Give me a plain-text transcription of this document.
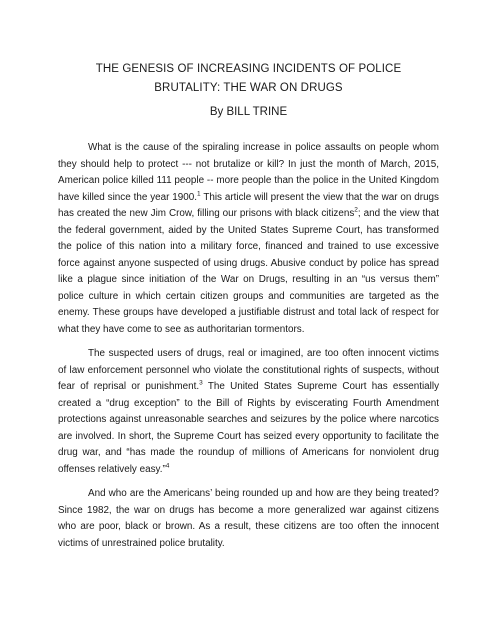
THE GENESIS OF INCREASING INCIDENTS OF POLICE BRUTALITY: THE WAR ON DRUGS
By BILL TRINE

What is the cause of the spiraling increase in police assaults on people whom they should help to protect --- not brutalize or kill? In just the month of March, 2015, American police killed 111 people -- more people than the police in the United Kingdom have killed since the year 1900.$^1$ This article will present the view that the war on drugs has created the new Jim Crow, filling our prisons with black citizens$^2$; and the view that the federal government, aided by the United States Supreme Court, has transformed the police of this nation into a military force, financed and trained to use excessive force against anyone suspected of using drugs. Abusive conduct by police has spread like a plague since initiation of the War on Drugs, resulting in an “us versus them” police culture in which certain citizen groups and communities are targeted as the enemy. These groups have developed a justifiable distrust and total lack of respect for what they have come to see as authoritarian tormentors.

The suspected users of drugs, real or imagined, are too often innocent victims of law enforcement personnel who violate the constitutional rights of suspects, without fear of reprisal or punishment.$^3$ The United States Supreme Court has essentially created a “drug exception” to the Bill of Rights by eviscerating Fourth Amendment protections against unreasonable searches and seizures by the police where narcotics are involved. In short, the Supreme Court has seized every opportunity to facilitate the drug war, and “has made the roundup of millions of Americans for nonviolent drug offenses relatively easy.”$^4$

And who are the Americans’ being rounded up and how are they being treated? Since 1982, the war on drugs has become a more generalized war against citizens who are poor, black or brown. As a result, these citizens are too often the innocent victims of unrestrained police brutality.
